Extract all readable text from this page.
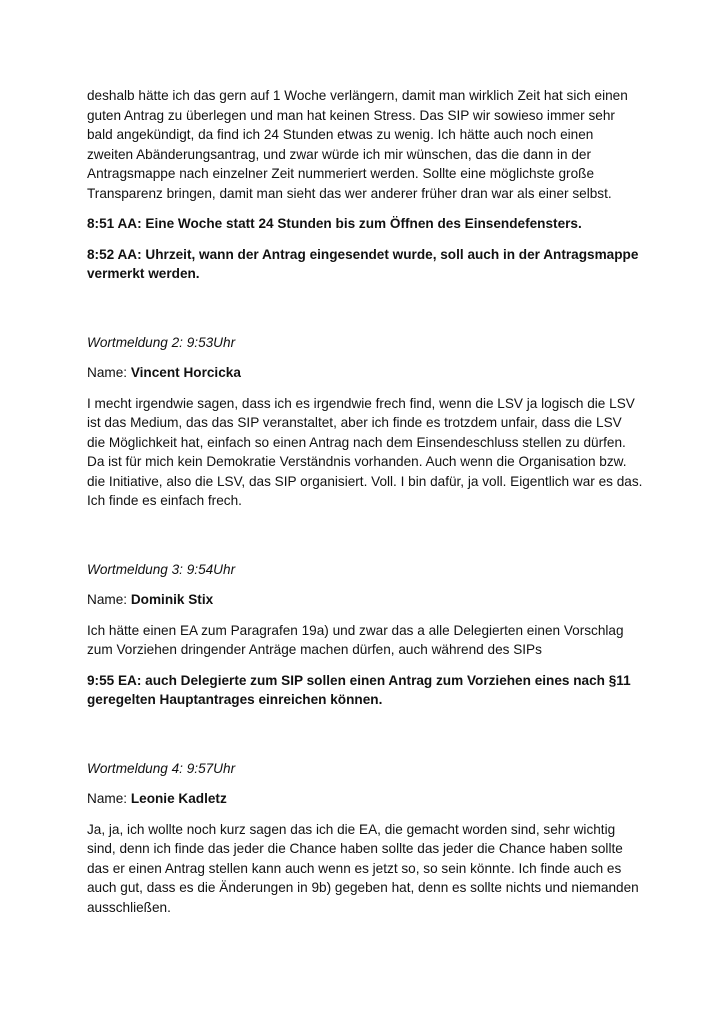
deshalb hätte ich das gern auf 1 Woche verlängern, damit man wirklich Zeit hat sich einen guten Antrag zu überlegen und man hat keinen Stress. Das SIP wir sowieso immer sehr bald angekündigt, da find ich 24 Stunden etwas zu wenig. Ich hätte auch noch einen zweiten Abänderungsantrag, und zwar würde ich mir wünschen, das die dann in der Antragsmappe nach einzelner Zeit nummeriert werden. Sollte eine möglichste große Transparenz bringen, damit man sieht das wer anderer früher dran war als einer selbst.

8:51 AA: Eine Woche statt 24 Stunden bis zum Öffnen des Einsendefensters.

8:52 AA: Uhrzeit, wann der Antrag eingesendet wurde, soll auch in der Antragsmappe vermerkt werden.

Wortmeldung 2: 9:53Uhr

Name: Vincent Horcicka

I mecht irgendwie sagen, dass ich es irgendwie frech find, wenn die LSV ja logisch die LSV ist das Medium, das das SIP veranstaltet, aber ich finde es trotzdem unfair, dass die LSV die Möglichkeit hat, einfach so einen Antrag nach dem Einsendeschluss stellen zu dürfen. Da ist für mich kein Demokratie Verständnis vorhanden. Auch wenn die Organisation bzw. die Initiative, also die LSV, das SIP organisiert. Voll. I bin dafür, ja voll. Eigentlich war es das. Ich finde es einfach frech.

Wortmeldung 3: 9:54Uhr

Name: Dominik Stix

Ich hätte einen EA zum Paragrafen 19a) und zwar das a alle Delegierten einen Vorschlag zum Vorziehen dringender Anträge machen dürfen, auch während des SIPs

9:55 EA: auch Delegierte zum SIP sollen einen Antrag zum Vorziehen eines nach §11 geregelten Hauptantrages einreichen können.

Wortmeldung 4: 9:57Uhr

Name: Leonie Kadletz

Ja, ja, ich wollte noch kurz sagen das ich die EA, die gemacht worden sind, sehr wichtig sind, denn ich finde das jeder die Chance haben sollte das jeder die Chance haben sollte das er einen Antrag stellen kann auch wenn es jetzt so, so sein könnte. Ich finde auch es auch gut, dass es die Änderungen in 9b) gegeben hat, denn es sollte nichts und niemanden ausschließen.
